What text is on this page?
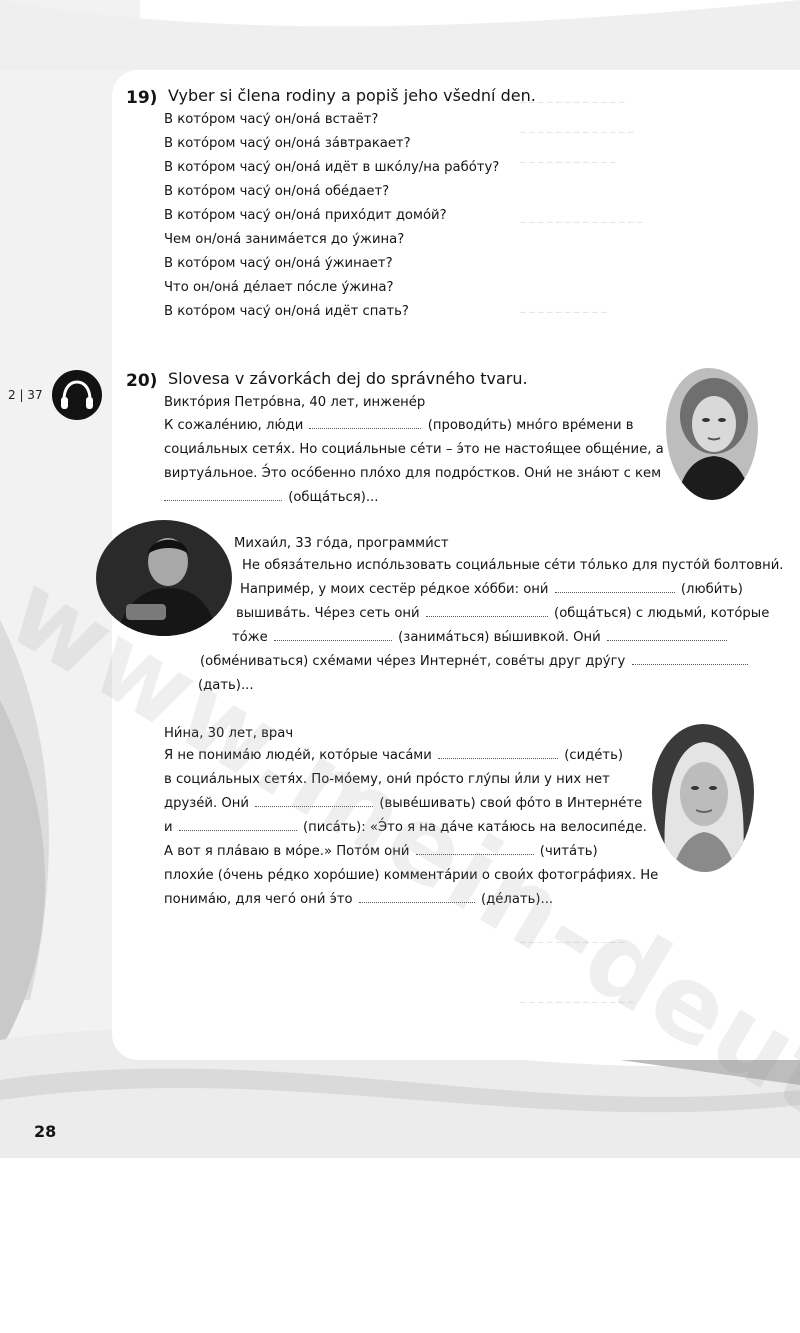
_ _ _ _ _ _ _ _ _ _ _ _
_ _ _ _ _ _ _ _ _ _ _ _ _
_ _ _ _ _ _ _ _ _ _ _
_ _ _ _ _ _ _ _ _ _ _ _ _ _
_ _ _ _ _ _ _ _ _ _
_ _ _ _ _ _ _ _ _ _ _ _
_ _ _ _ _ _ _ _ _ _ _ _ _
19) Vyber si člena rodiny a popiš jeho všední den.
В котóром часý он/онá встаёт?
В котóром часý он/онá зáвтракает?
В котóром часý он/онá идёт в шкóлу/на рабóту?
В котóром часý он/онá обéдает?
В котóром часý он/онá прихóдит домóй?
Чем он/онá занимáется до ýжина?
В котóром часý он/онá ýжинает?
Что он/онá дéлает пóсле ýжина?
В котóром часý он/онá идёт спать?
2 | 37
20) Slovesa v závorkách dej do správného tvaru.
Виктóрия Петрóвна, 40 лет, инженéр
К сожалéнию, лю́ди	(проводи́ть) мнóго врéмени в
социáльных сетя́х. Но социáльные сéти – э́то не настоя́щее общéние, а
виртуáльное. Э́то осóбенно плóхо для подрóстков. Они́ не знáют с кем
(общáться)...
Михаи́л, 33 гóда, программи́ст
Не обязáтельно испóльзовать социáльные сéти тóлько для пустóй болтовни́.
Напримéр, у моих сестёр рéдкое хóбби: они́	(люби́ть)
вышивáть. Чéрез сеть они́	(общáться) с людьми́, котóрые
тóже	(занимáться) вы́шивкой. Они́
(обмéниваться) схéмами чéрез Интернéт, совéты друг дрýгу
(дать)...
Ни́на, 30 лет, врач
Я не понимáю людéй, котóрые часáми	(сидéть)
в социáльных сетя́х. По-мóему, они́ прóсто глýпы и́ли у них нет
друзéй. Они́	(вывéшивать) свои́ фóто в Интернéте
и	(писáть): «Э́то я на дáче катáюсь на велосипéде.
А вот я плáваю в мóре.» Потóм они́	(читáть)
плохи́е (óчень рéдко хорóшие) комментáрии о свои́х фотогрáфиях. Не
понимáю, для чегó они́ э́то	(дéлать)...
28
